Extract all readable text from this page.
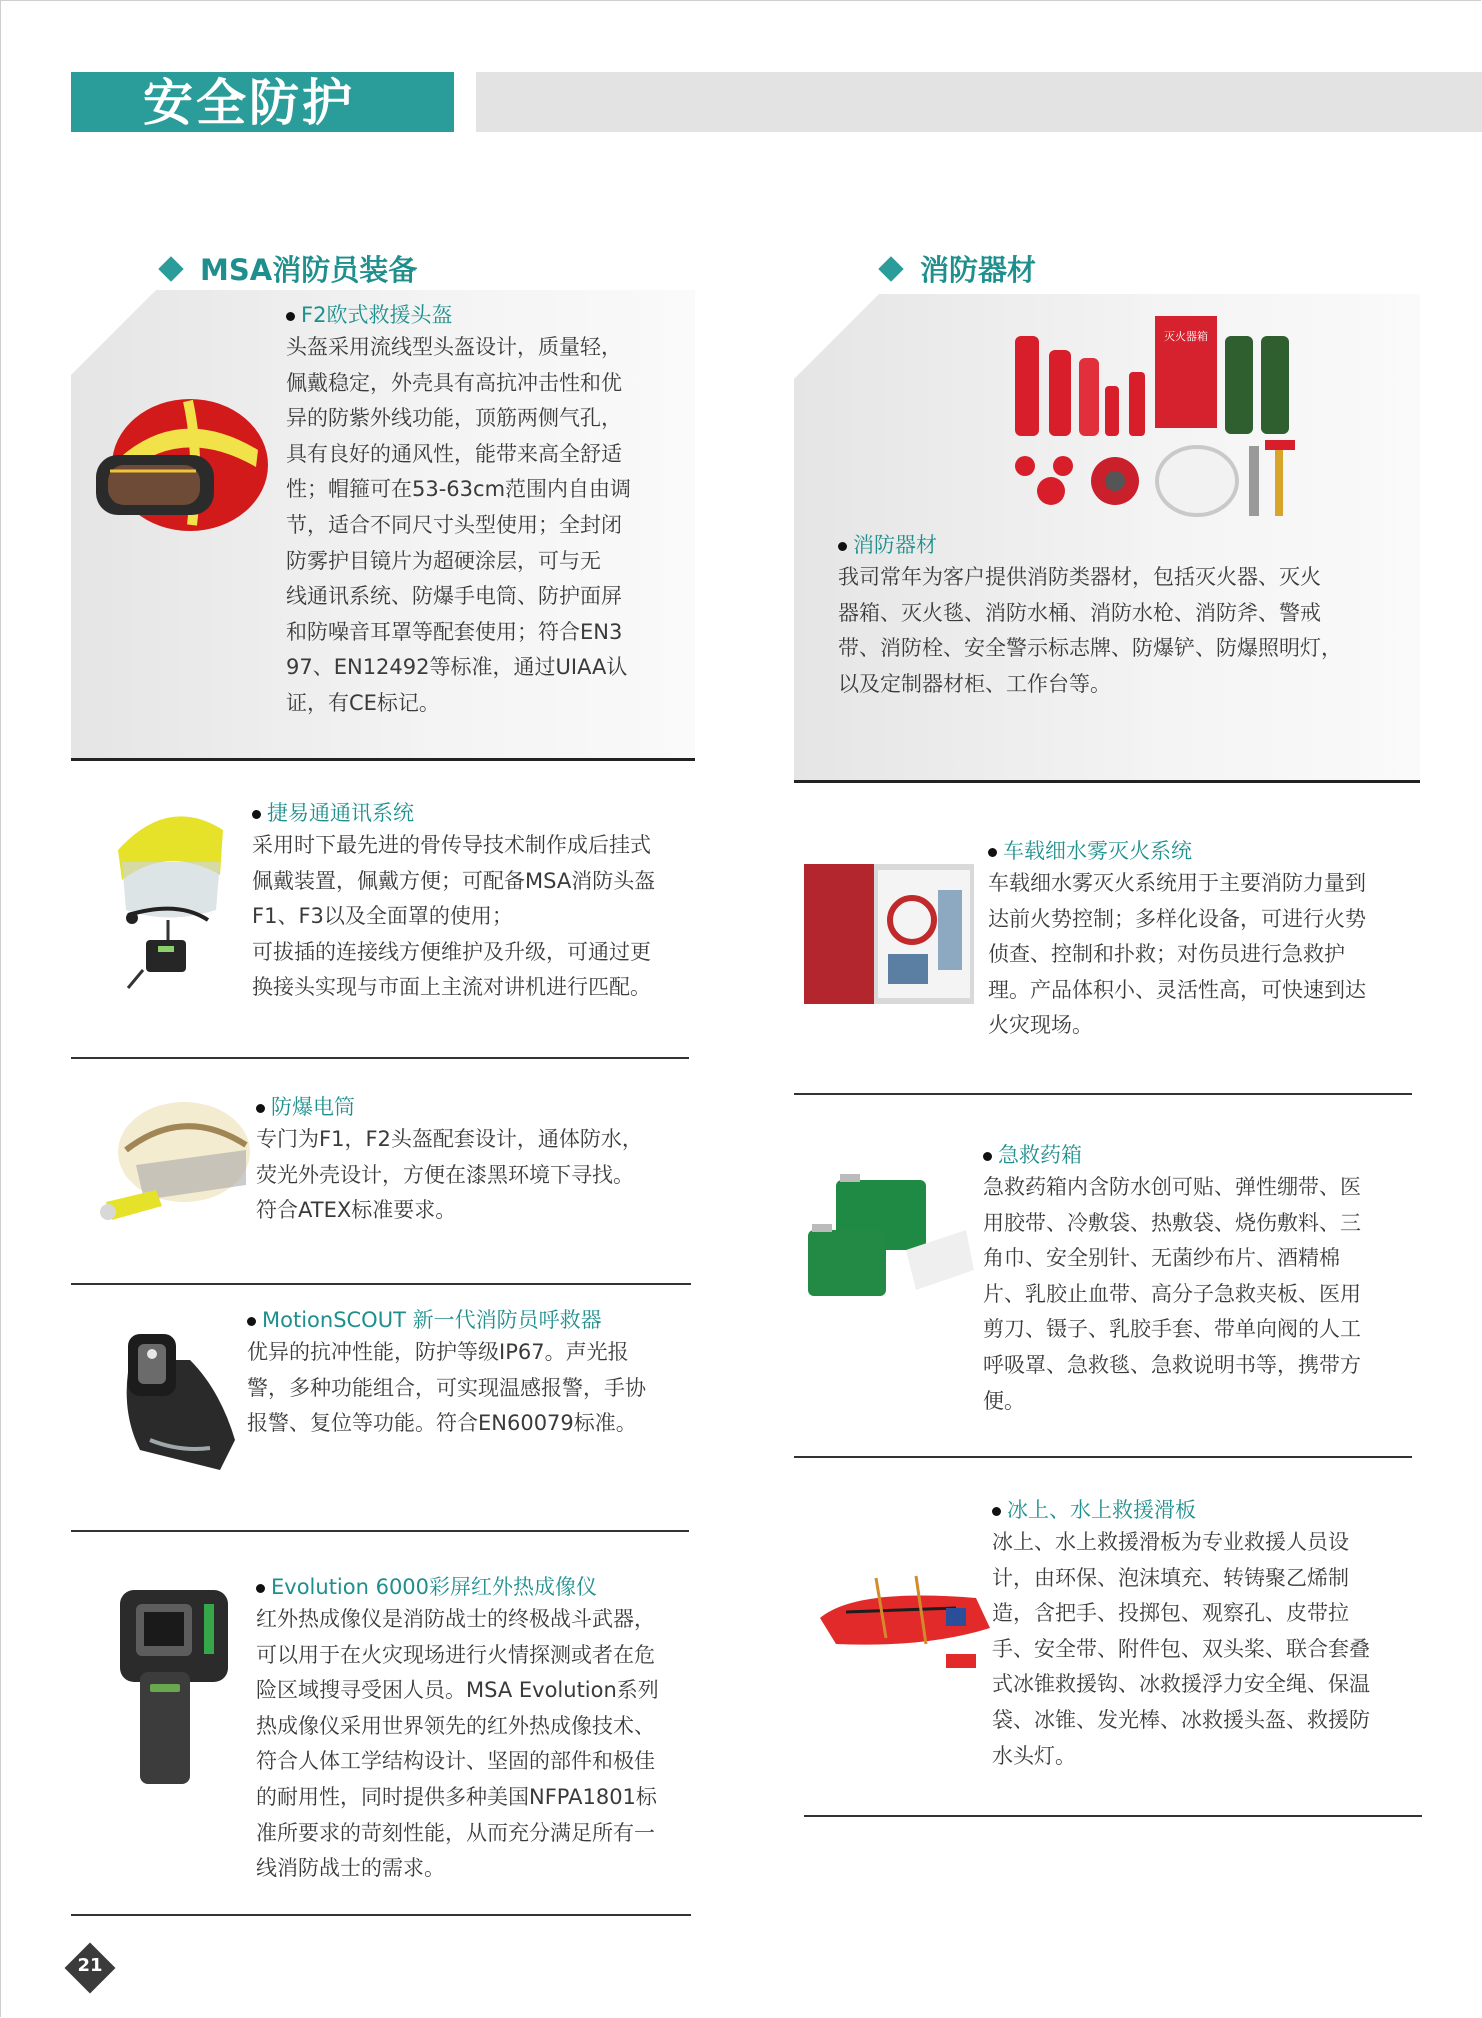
安全防护
MSA消防员装备	消防器材
F2欧式救援头盔
头盔采用流线型头盔设计，质量轻，
佩戴稳定，外壳具有高抗冲击性和优
异的防紫外线功能，顶筋两侧气孔，
具有良好的通风性，能带来高全舒适
性；帽箍可在53-63cm范围内自由调
节，适合不同尺寸头型使用；全封闭
防雾护目镜片为超硬涂层，可与无
线通讯系统、防爆手电筒、防护面屏
和防噪音耳罩等配套使用；符合EN3
97、EN12492等标准，通过UIAA认
证，有CE标记。
捷易通通讯系统
采用时下最先进的骨传导技术制作成后挂式
佩戴装置，佩戴方便；可配备MSA消防头盔
F1、F3以及全面罩的使用；
可拔插的连接线方便维护及升级，可通过更
换接头实现与市面上主流对讲机进行匹配。
防爆电筒
专门为F1，F2头盔配套设计，通体防水，
荧光外壳设计，方便在漆黑环境下寻找。
符合ATEX标准要求。
MotionSCOUT 新一代消防员呼救器
优异的抗冲性能，防护等级IP67。声光报
警，多种功能组合，可实现温感报警，手协
报警、复位等功能。符合EN60079标准。
Evolution 6000彩屏红外热成像仪
红外热成像仪是消防战士的终极战斗武器，
可以用于在火灾现场进行火情探测或者在危
险区域搜寻受困人员。MSA Evolution系列
热成像仪采用世界领先的红外热成像技术、
符合人体工学结构设计、坚固的部件和极佳
的耐用性，同时提供多种美国NFPA1801标
准所要求的苛刻性能，从而充分满足所有一
线消防战士的需求。
消防器材
我司常年为客户提供消防类器材，包括灭火器、灭火
器箱、灭火毯、消防水桶、消防水枪、消防斧、警戒
带、消防栓、安全警示标志牌、防爆铲、防爆照明灯，
以及定制器材柜、工作台等。
车载细水雾灭火系统
车载细水雾灭火系统用于主要消防力量到
达前火势控制；多样化设备，可进行火势
侦查、控制和扑救；对伤员进行急救护
理。产品体积小、灵活性高，可快速到达
火灾现场。
急救药箱
急救药箱内含防水创可贴、弹性绷带、医
用胶带、冷敷袋、热敷袋、烧伤敷料、三
角巾、安全别针、无菌纱布片、酒精棉
片、乳胶止血带、高分子急救夹板、医用
剪刀、镊子、乳胶手套、带单向阀的人工
呼吸罩、急救毯、急救说明书等，携带方
便。
冰上、水上救援滑板
冰上、水上救援滑板为专业救援人员设
计，由环保、泡沫填充、转铸聚乙烯制
造，含把手、投掷包、观察孔、皮带拉
手、安全带、附件包、双头桨、联合套叠
式冰锥救援钩、冰救援浮力安全绳、保温
袋、冰锥、发光棒、冰救援头盔、救援防
水头灯。
灭火器箱
21
